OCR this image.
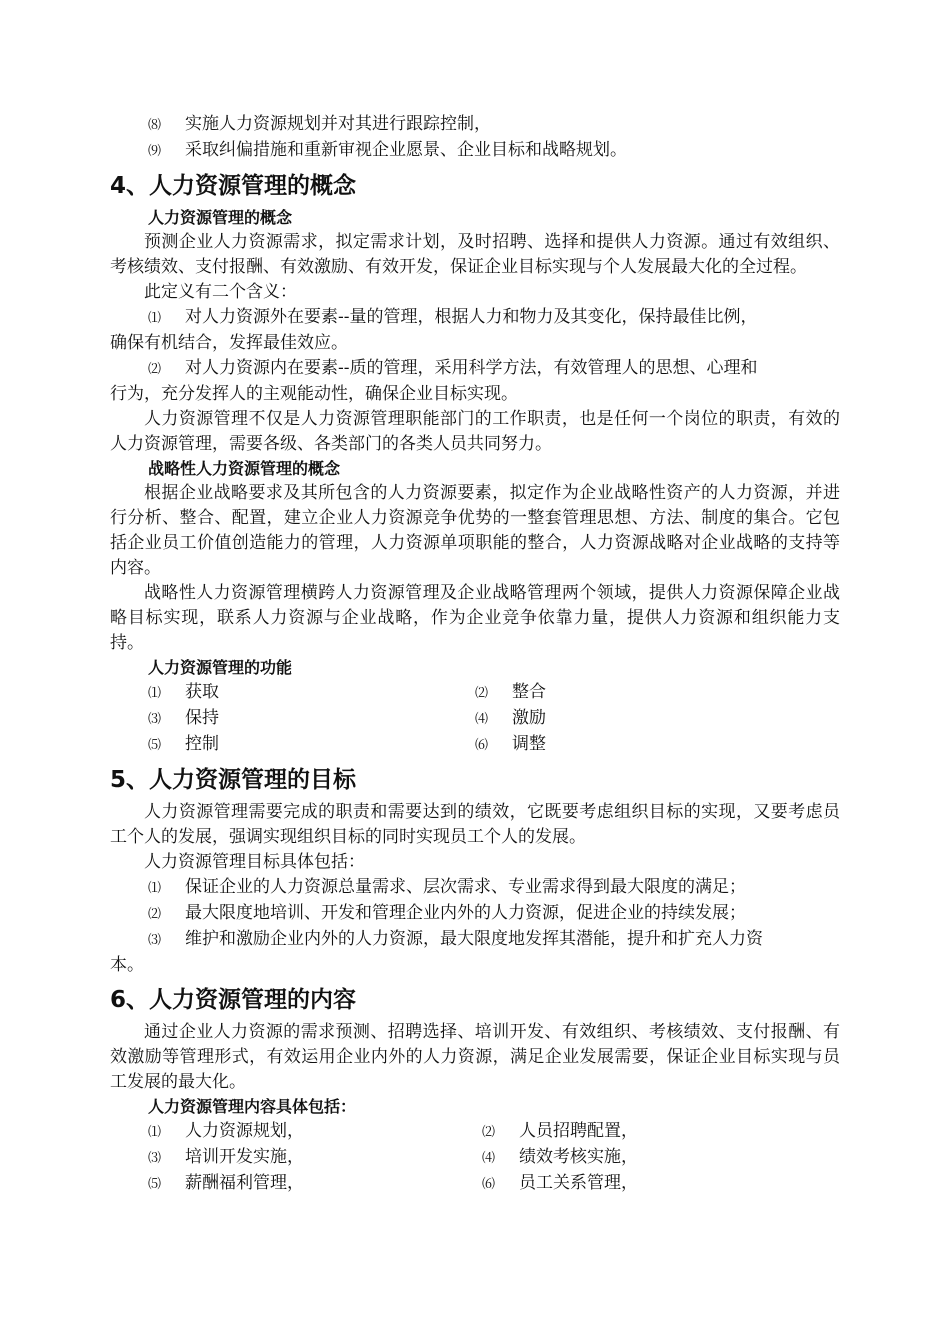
⑻ 实施人力资源规划并对其进行跟踪控制，
⑼ 采取纠偏措施和重新审视企业愿景、企业目标和战略规划。
4、人力资源管理的概念
人力资源管理的概念
预测企业人力资源需求，拟定需求计划，及时招聘、选择和提供人力资源。通过有效组织、考核绩效、支付报酬、有效激励、有效开发，保证企业目标实现与个人发展最大化的全过程。
此定义有二个含义：
⑴ 对人力资源外在要素--量的管理，根据人力和物力及其变化，保持最佳比例，
确保有机结合，发挥最佳效应。
⑵ 对人力资源内在要素--质的管理，采用科学方法，有效管理人的思想、心理和
行为，充分发挥人的主观能动性，确保企业目标实现。
人力资源管理不仅是人力资源管理职能部门的工作职责，也是任何一个岗位的职责，有效的人力资源管理，需要各级、各类部门的各类人员共同努力。
战略性人力资源管理的概念
根据企业战略要求及其所包含的人力资源要素，拟定作为企业战略性资产的人力资源，并进行分析、整合、配置，建立企业人力资源竞争优势的一整套管理思想、方法、制度的集合。它包括企业员工价值创造能力的管理，人力资源单项职能的整合，人力资源战略对企业战略的支持等内容。
战略性人力资源管理横跨人力资源管理及企业战略管理两个领域，提供人力资源保障企业战略目标实现，联系人力资源与企业战略，作为企业竞争依靠力量，提供人力资源和组织能力支持。
人力资源管理的功能
⑴ 获取	⑵ 整合
⑶ 保持	⑷ 激励
⑸ 控制	⑹ 调整
5、人力资源管理的目标
人力资源管理需要完成的职责和需要达到的绩效，它既要考虑组织目标的实现，又要考虑员工个人的发展，强调实现组织目标的同时实现员工个人的发展。
人力资源管理目标具体包括：
⑴ 保证企业的人力资源总量需求、层次需求、专业需求得到最大限度的满足；
⑵ 最大限度地培训、开发和管理企业内外的人力资源，促进企业的持续发展；
⑶ 维护和激励企业内外的人力资源，最大限度地发挥其潜能，提升和扩充人力资
本。
6、人力资源管理的内容
通过企业人力资源的需求预测、招聘选择、培训开发、有效组织、考核绩效、支付报酬、有效激励等管理形式，有效运用企业内外的人力资源，满足企业发展需要，保证企业目标实现与员工发展的最大化。
人力资源管理内容具体包括：
⑴ 人力资源规划，	⑵ 人员招聘配置，
⑶ 培训开发实施，	⑷ 绩效考核实施，
⑸ 薪酬福利管理，	⑹ 员工关系管理，
